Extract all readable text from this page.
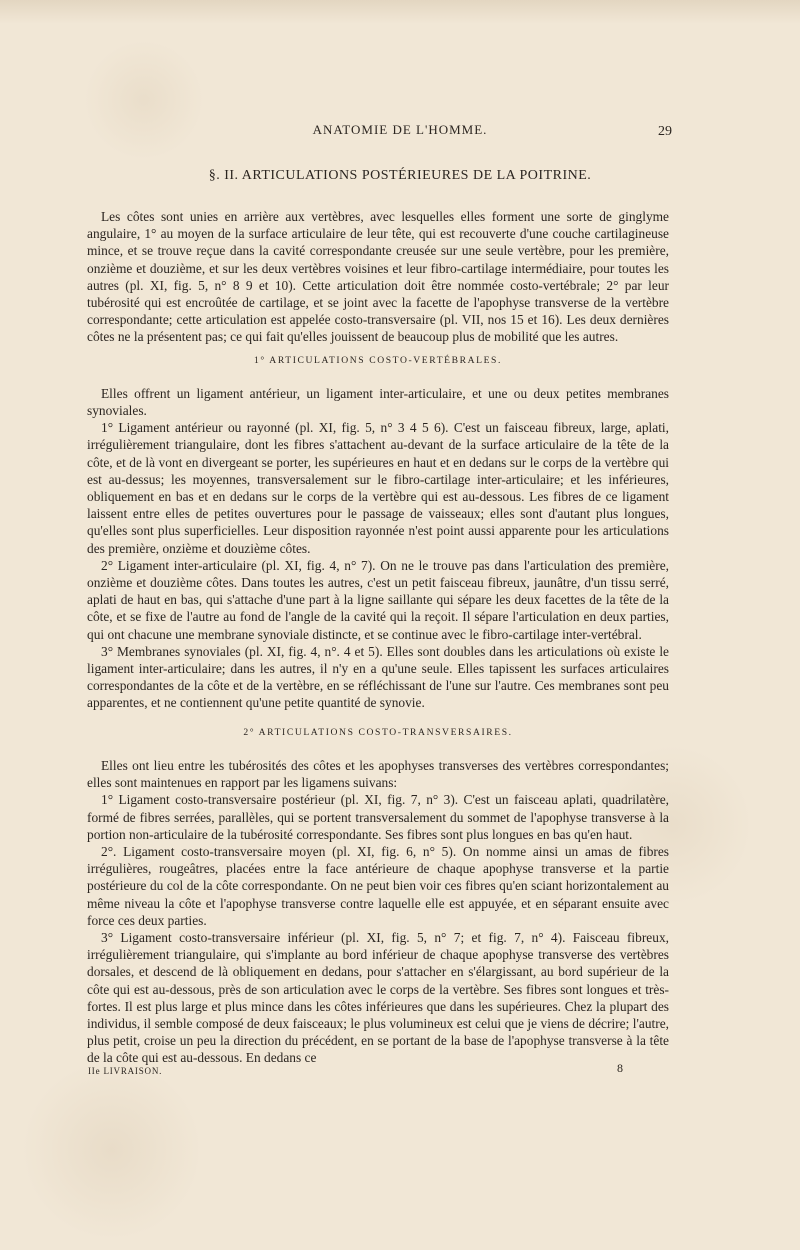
ANATOMIE DE L'HOMME.	29
§. II. ARTICULATIONS POSTÉRIEURES DE LA POITRINE.

Les côtes sont unies en arrière aux vertèbres, avec lesquelles elles forment une sorte de ginglyme angulaire, 1° au moyen de la surface articulaire de leur tête, qui est recouverte d'une couche cartilagineuse mince, et se trouve reçue dans la cavité correspondante creusée sur une seule vertèbre, pour les première, onzième et douzième, et sur les deux vertèbres voisines et leur fibro-cartilage intermédiaire, pour toutes les autres (pl. XI, fig. 5, n° 8 9 et 10). Cette articulation doit être nommée costo-vertébrale; 2° par leur tubérosité qui est encroûtée de cartilage, et se joint avec la facette de l'apophyse transverse de la vertèbre correspondante; cette articulation est appelée costo-transversaire (pl. VII, nos 15 et 16). Les deux dernières côtes ne la présentent pas; ce qui fait qu'elles jouissent de beaucoup plus de mobilité que les autres.

1° ARTICULATIONS COSTO-VERTÉBRALES.

Elles offrent un ligament antérieur, un ligament inter-articulaire, et une ou deux petites membranes synoviales.

1° Ligament antérieur ou rayonné (pl. XI, fig. 5, n° 3 4 5 6). C'est un faisceau fibreux, large, aplati, irrégulièrement triangulaire, dont les fibres s'attachent au-devant de la surface articulaire de la tête de la côte, et de là vont en divergeant se porter, les supérieures en haut et en dedans sur le corps de la vertèbre qui est au-dessus; les moyennes, transversalement sur le fibro-cartilage inter-articulaire; et les inférieures, obliquement en bas et en dedans sur le corps de la vertèbre qui est au-dessous. Les fibres de ce ligament laissent entre elles de petites ouvertures pour le passage de vaisseaux; elles sont d'autant plus longues, qu'elles sont plus superficielles. Leur disposition rayonnée n'est point aussi apparente pour les articulations des première, onzième et douzième côtes.

2° Ligament inter-articulaire (pl. XI, fig. 4, n° 7). On ne le trouve pas dans l'articulation des première, onzième et douzième côtes. Dans toutes les autres, c'est un petit faisceau fibreux, jaunâtre, d'un tissu serré, aplati de haut en bas, qui s'attache d'une part à la ligne saillante qui sépare les deux facettes de la tête de la côte, et se fixe de l'autre au fond de l'angle de la cavité qui la reçoit. Il sépare l'articulation en deux parties, qui ont chacune une membrane synoviale distincte, et se continue avec le fibro-cartilage inter-vertébral.

3° Membranes synoviales (pl. XI, fig. 4, n°. 4 et 5). Elles sont doubles dans les articulations où existe le ligament inter-articulaire; dans les autres, il n'y en a qu'une seule. Elles tapissent les surfaces articulaires correspondantes de la côte et de la vertèbre, en se réfléchissant de l'une sur l'autre. Ces membranes sont peu apparentes, et ne contiennent qu'une petite quantité de synovie.

2° ARTICULATIONS COSTO-TRANSVERSAIRES.

Elles ont lieu entre les tubérosités des côtes et les apophyses transverses des vertèbres correspondantes; elles sont maintenues en rapport par les ligamens suivans:

1° Ligament costo-transversaire postérieur (pl. XI, fig. 7, n° 3). C'est un faisceau aplati, quadrilatère, formé de fibres serrées, parallèles, qui se portent transversalement du sommet de l'apophyse transverse à la portion non-articulaire de la tubérosité correspondante. Ses fibres sont plus longues en bas qu'en haut.

2°. Ligament costo-transversaire moyen (pl. XI, fig. 6, n° 5). On nomme ainsi un amas de fibres irrégulières, rougeâtres, placées entre la face antérieure de chaque apophyse transverse et la partie postérieure du col de la côte correspondante. On ne peut bien voir ces fibres qu'en sciant horizontalement au même niveau la côte et l'apophyse transverse contre laquelle elle est appuyée, et en séparant ensuite avec force ces deux parties.

3° Ligament costo-transversaire inférieur (pl. XI, fig. 5, n° 7; et fig. 7, n° 4). Faisceau fibreux, irrégulièrement triangulaire, qui s'implante au bord inférieur de chaque apophyse transverse des vertèbres dorsales, et descend de là obliquement en dedans, pour s'attacher en s'élargissant, au bord supérieur de la côte qui est au-dessous, près de son articulation avec le corps de la vertèbre. Ses fibres sont longues et très-fortes. Il est plus large et plus mince dans les côtes inférieures que dans les supérieures. Chez la plupart des individus, il semble composé de deux faisceaux; le plus volumineux est celui que je viens de décrire; l'autre, plus petit, croise un peu la direction du précédent, en se portant de la base de l'apophyse transverse à la tête de la côte qui est au-dessous. En dedans ce

IIe LIVRAISON.	8
